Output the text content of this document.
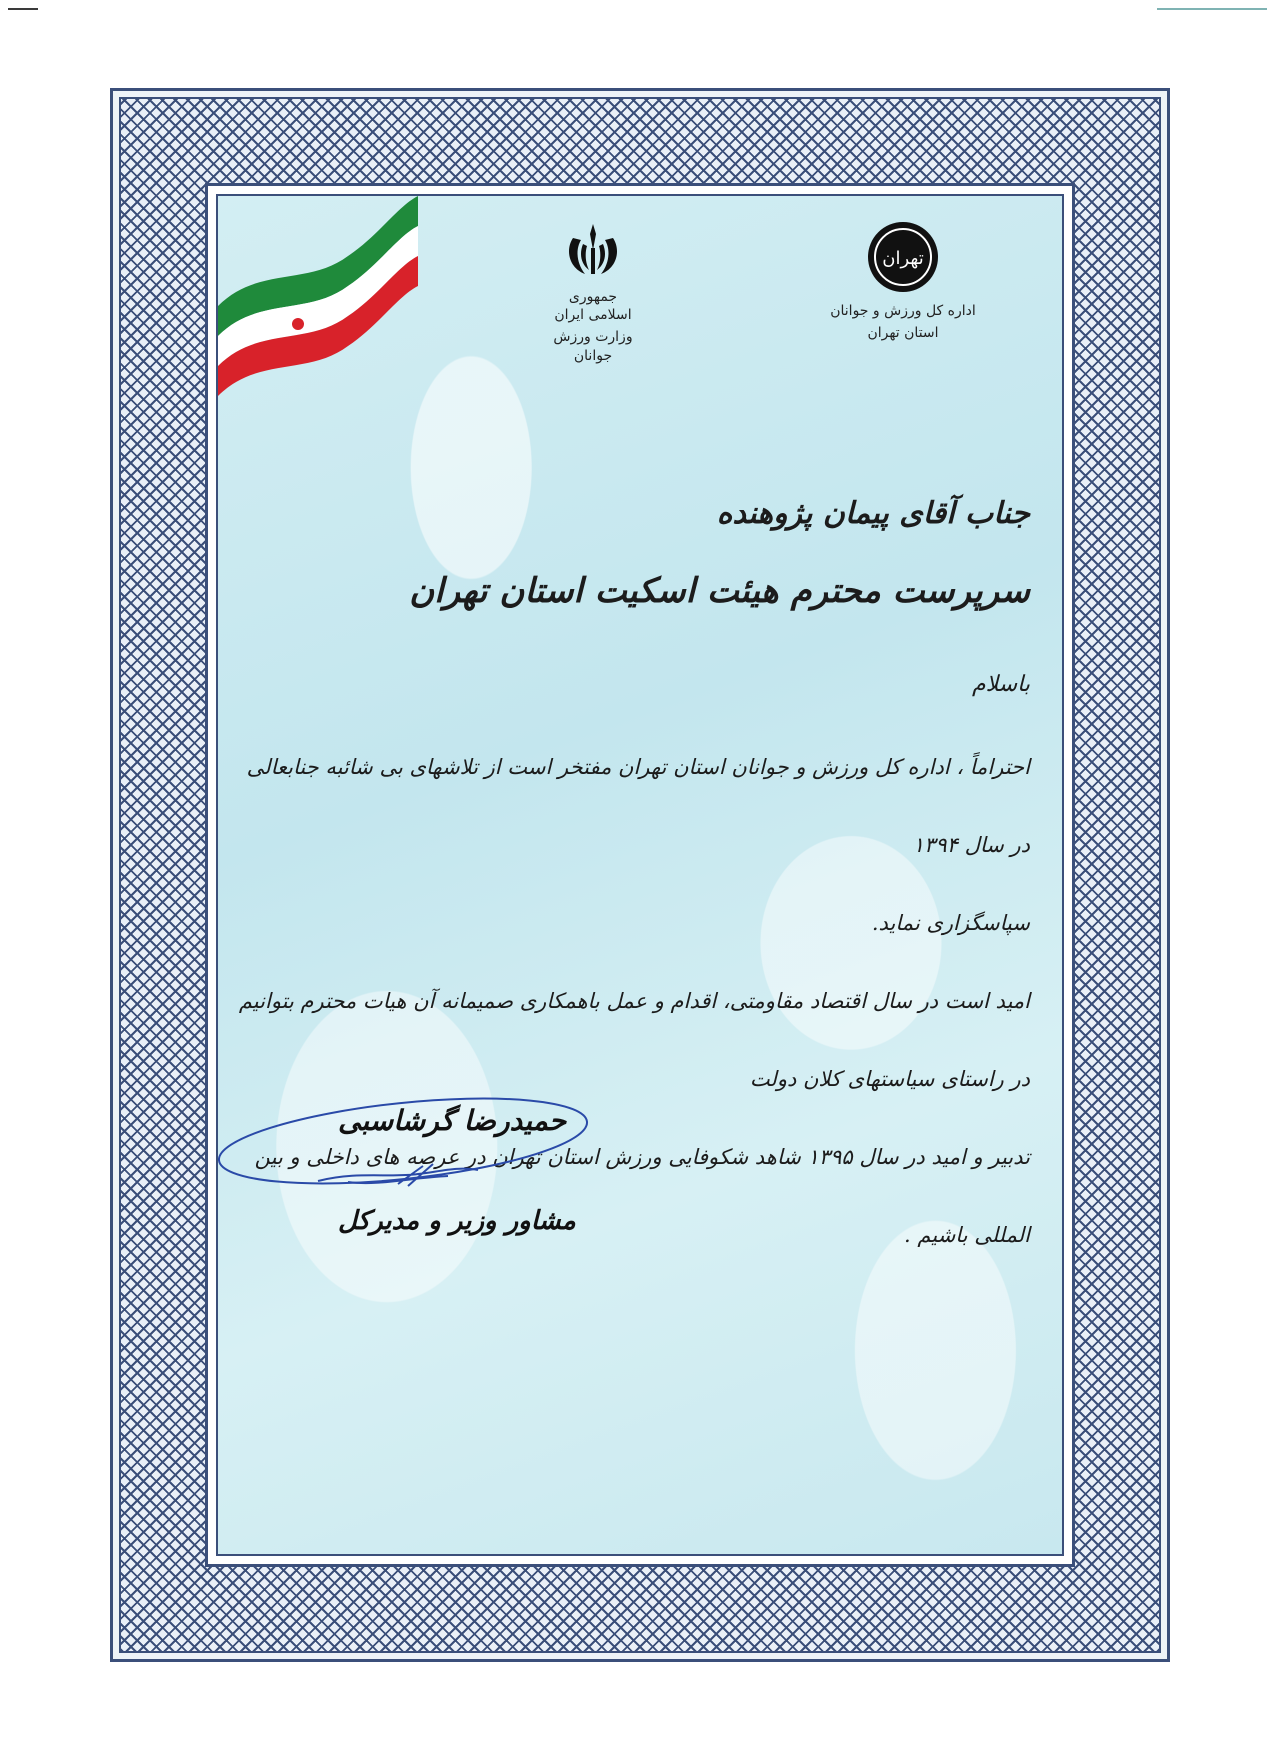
جمهوری اسلامی ایران
وزارت ورزش جوانان
تهران
اداره کل ورزش و جوانان
استان تهران
جناب آقای پیمان پژوهنده
سرپرست محترم هیئت اسکیت استان تهران
باسلام

احتراماً ، اداره کل ورزش و جوانان استان تهران مفتخر است از تلاشهای بی شائبه جنابعالی در سال ۱۳۹۴

سپاسگزاری نماید.

امید است در سال اقتصاد مقاومتی، اقدام و عمل باهمکاری صمیمانه آن هیات محترم بتوانیم در راستای سیاستهای کلان دولت

تدبیر و امید در سال ۱۳۹۵ شاهد شکوفایی ورزش استان تهران در عرصه های داخلی و بین المللی باشیم .

حمیدرضا گرشاسبی
مشاور وزیر و مدیرکل
